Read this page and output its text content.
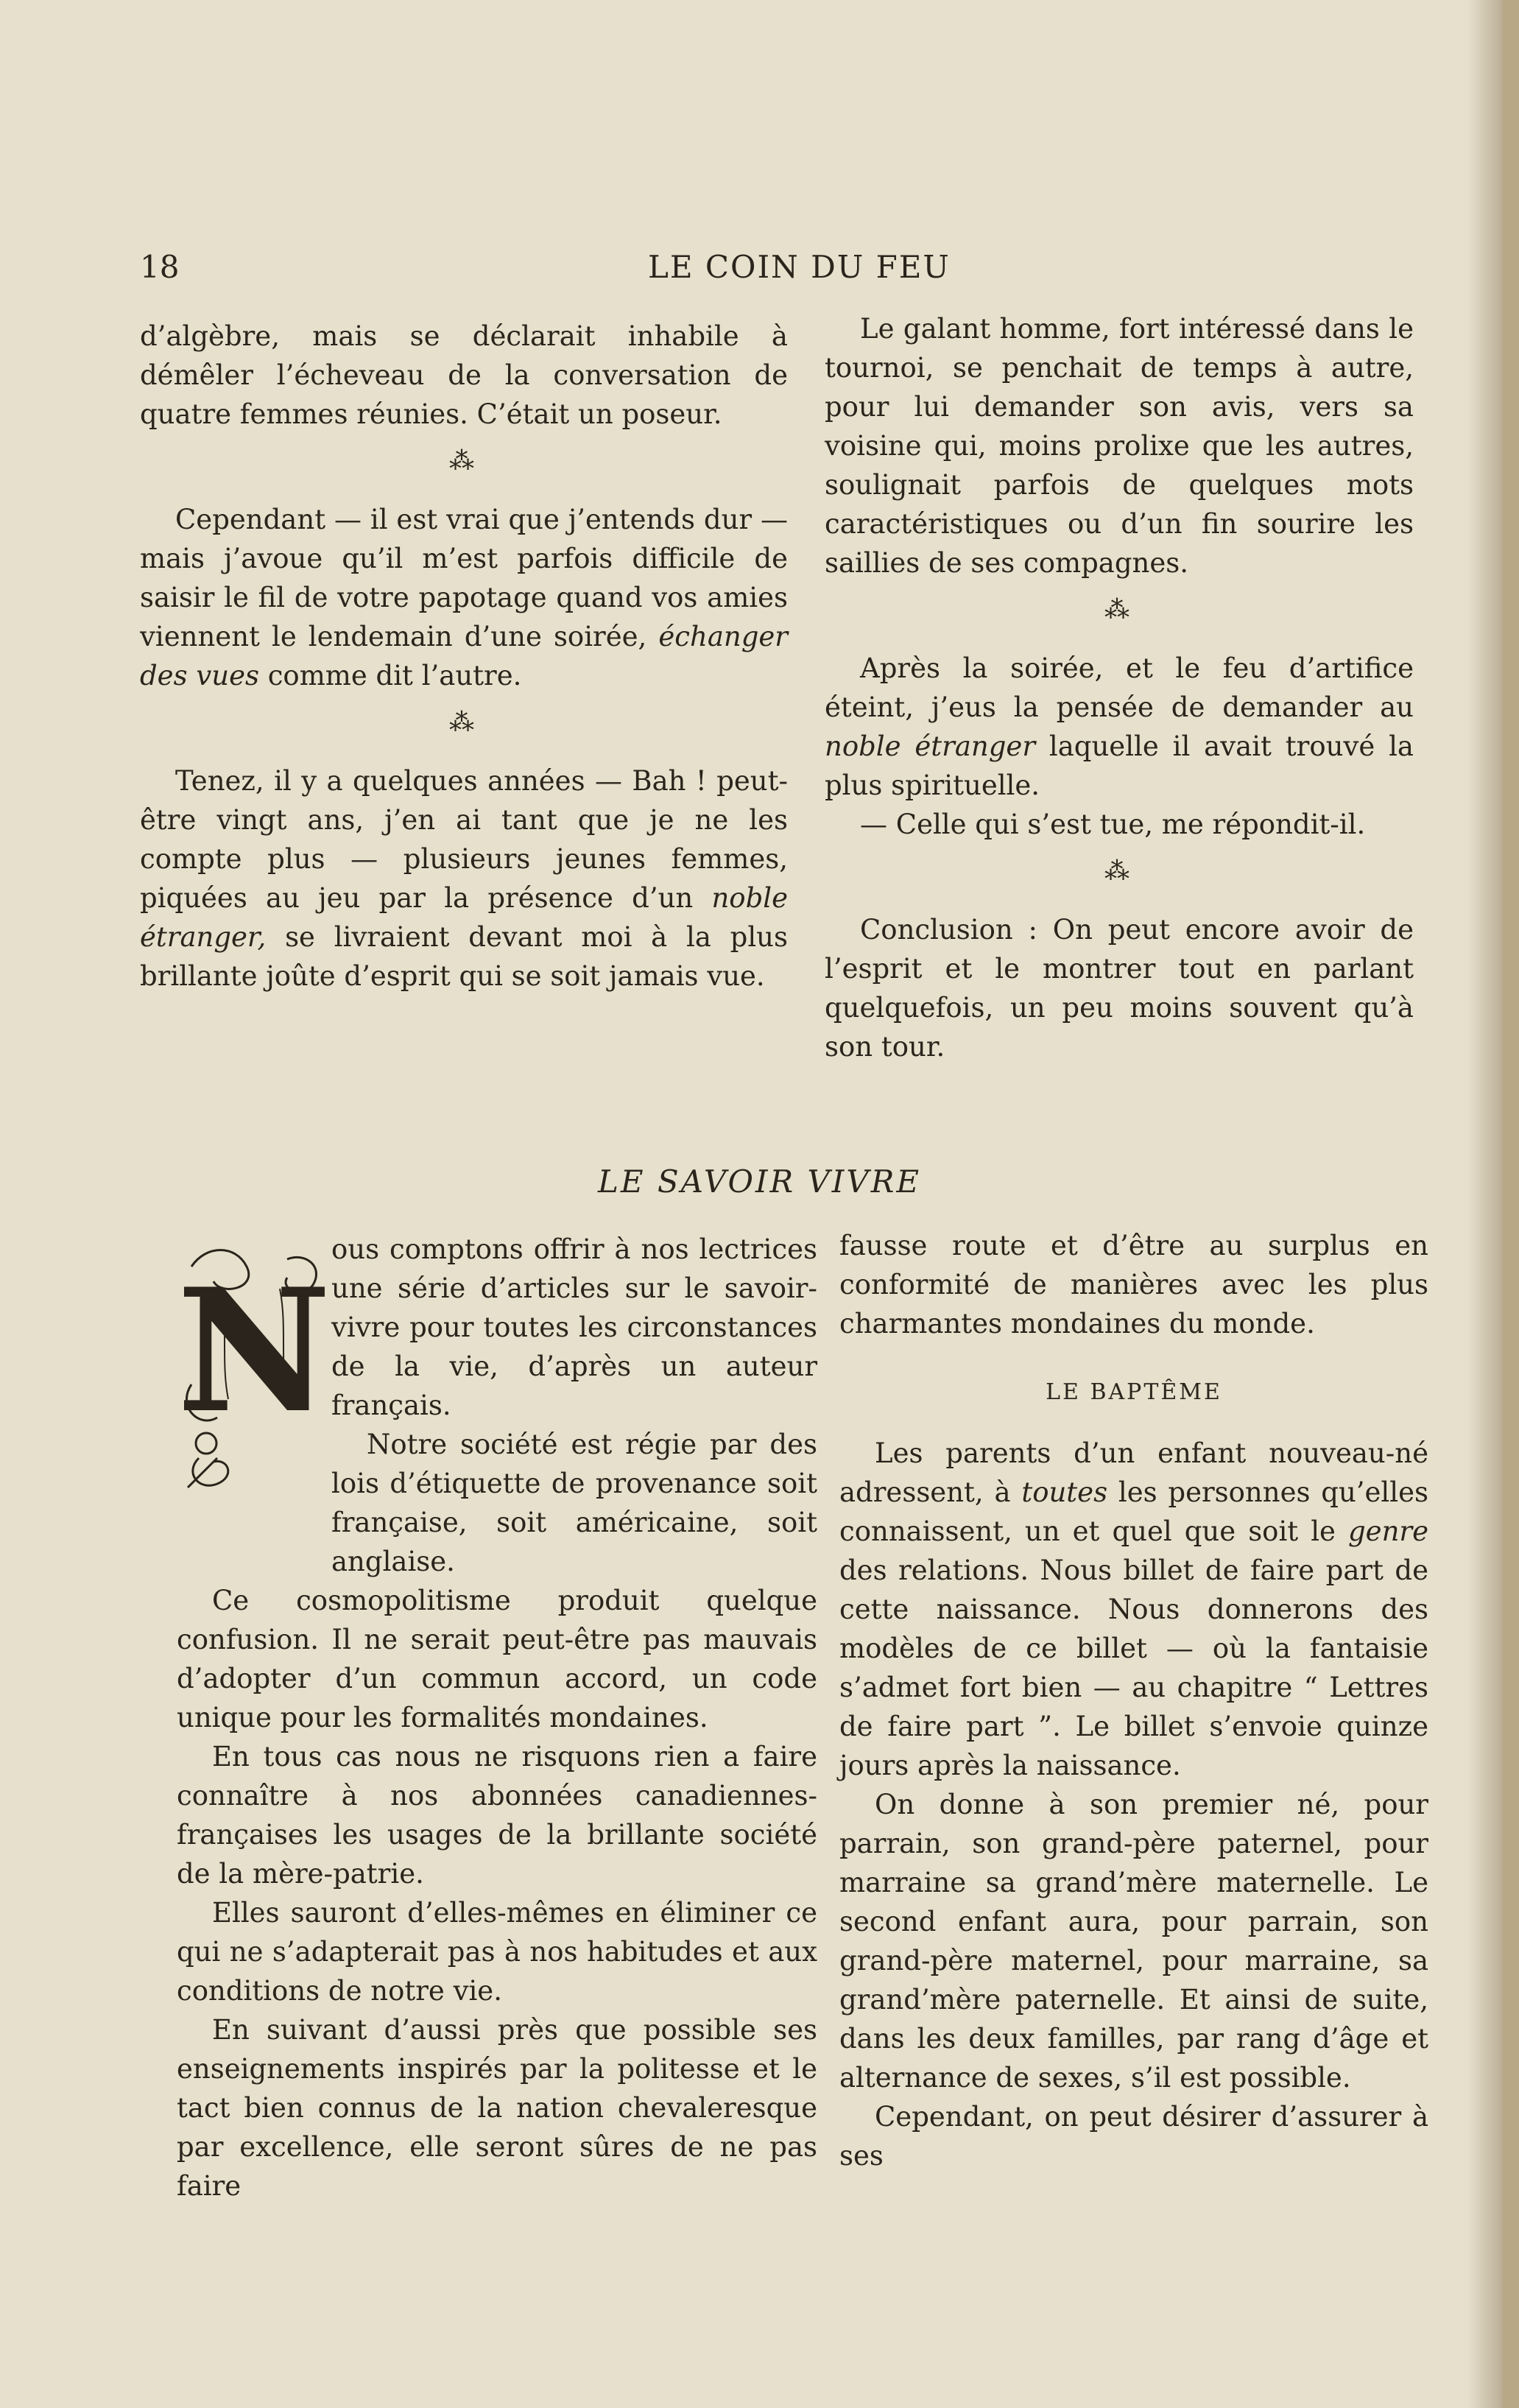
18	LE COIN DU FEU

d’algèbre, mais se déclarait inhabile à démêler l’écheveau de la conversation de quatre femmes réunies. C’était un poseur.

⁂

Cependant — il est vrai que j’entends dur — mais j’avoue qu’il m’est parfois difficile de saisir le fil de votre papotage quand vos amies viennent le lendemain d’une soirée, échanger des vues comme dit l’autre.

⁂

Tenez, il y a quelques années — Bah ! peut-être vingt ans, j’en ai tant que je ne les compte plus — plusieurs jeunes femmes, piquées au jeu par la présence d’un noble étranger, se livraient devant moi à la plus brillante joûte d’esprit qui se soit jamais vue.

Le galant homme, fort intéressé dans le tournoi, se penchait de temps à autre, pour lui demander son avis, vers sa voisine qui, moins prolixe que les autres, soulignait parfois de quelques mots caractéristiques ou d’un fin sourire les saillies de ses compagnes.

⁂

Après la soirée, et le feu d’artifice éteint, j’eus la pensée de demander au noble étranger laquelle il avait trouvé la plus spirituelle.

— Celle qui s’est tue, me répondit-il.

⁂

Conclusion : On peut encore avoir de l’esprit et le montrer tout en parlant quelquefois, un peu moins souvent qu’à son tour.

LE SAVOIR VIVRE
N

ous comptons offrir à nos lectrices une série d’articles sur le savoir-vivre pour toutes les circonstances de la vie, d’après un auteur français.

Notre société est régie par des lois d’étiquette de provenance soit française, soit américaine, soit anglaise.

Ce cosmopolitisme produit quelque confusion. Il ne serait peut-être pas mauvais d’adopter d’un commun accord, un code unique pour les formalités mondaines.

En tous cas nous ne risquons rien a faire connaître à nos abonnées canadiennes-françaises les usages de la brillante société de la mère-patrie.

Elles sauront d’elles-mêmes en éliminer ce qui ne s’adapterait pas à nos habitudes et aux conditions de notre vie.

En suivant d’aussi près que possible ses enseignements inspirés par la politesse et le tact bien connus de la nation chevaleresque par excellence, elle seront sûres de ne pas faire

fausse route et d’être au surplus en conformité de manières avec les plus charmantes mondaines du monde.

LE BAPTÊME

Les parents d’un enfant nouveau-né adressent, à toutes les personnes qu’elles connaissent, un et quel que soit le genre des relations. Nous billet de faire part de cette naissance. Nous donnerons des modèles de ce billet — où la fantaisie s’admet fort bien — au chapitre “ Lettres de faire part ”. Le billet s’envoie quinze jours après la naissance.

On donne à son premier né, pour parrain, son grand-père paternel, pour marraine sa grand’mère maternelle. Le second enfant aura, pour parrain, son grand-père maternel, pour marraine, sa grand’mère paternelle. Et ainsi de suite, dans les deux familles, par rang d’âge et alternance de sexes, s’il est possible.

Cependant, on peut désirer d’assurer à ses
